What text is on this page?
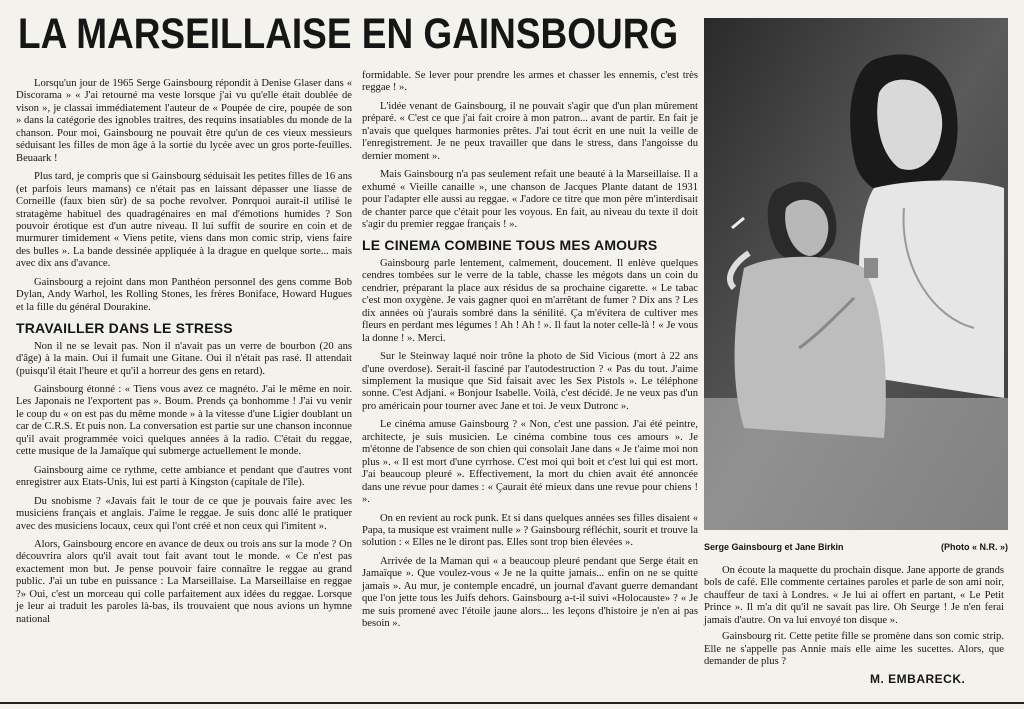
LA MARSEILLAISE EN GAINSBOURG

Lorsqu'un jour de 1965 Serge Gainsbourg répondit à Denise Glaser dans « Discorama » « J'ai retourné ma veste lorsque j'ai vu qu'elle était doublée de vison », je classai immédiatement l'auteur de « Poupée de cire, poupée de son » dans la catégorie des ignobles traitres, des requins insatiables du monde de la chanson. Pour moi, Gainsbourg ne pouvait être qu'un de ces vieux messieurs séduisant les filles de mon âge à la sortie du lycée avec un gros porte-feuilles. Beuaark !

Plus tard, je compris que si Gainsbourg séduisait les petites filles de 16 ans (et parfois leurs mamans) ce n'était pas en laissant dépasser une liasse de Corneille (faux bien sûr) de sa poche revolver. Ponrquoi aurait-il utilisé le stratagème habituel des quadragénaires en mal d'émotions humides ? Son pouvoir érotique est d'un autre niveau. Il lui suffit de sourire en coin et de murmurer timidement « Viens petite, viens dans mon comic strip, viens faire des bulles ». La bande dessinée appliquée à la drague en quelque sorte... mais avec dix ans d'avance.

Gainsbourg a rejoint dans mon Panthéon personnel des gens comme Bob Dylan, Andy Warhol, les Rolling Stones, les frères Boniface, Howard Hugues et la fille du général Dourakine.

TRAVAILLER DANS LE STRESS

Non il ne se levait pas. Non il n'avait pas un verre de bourbon (20 ans d'âge) à la main. Oui il fumait une Gitane. Oui il n'était pas rasé. Il attendait (puisqu'il était l'heure et qu'il a horreur des gens en retard).

Gainsbourg étonné : « Tiens vous avez ce magnéto. J'ai le même en noir. Les Japonais ne l'exportent pas ». Boum. Prends ça bonhomme ! J'ai vu venir le coup du « on est pas du même monde » à la vitesse d'une Ligier doublant un car de C.R.S. Et puis non. La conversation est partie sur une chanson inconnue qu'il avait programmée voici quelques années à la radio. C'était du reggae, cette musique de la Jamaïque qui submerge actuellement le monde.

Gainsbourg aime ce rythme, cette ambiance et pendant que d'autres vont enregistrer aux Etats-Unis, lui est parti à Kingston (capitale de l'île).

Du snobisme ? «Javais fait le tour de ce que je pouvais faire avec les musiciens français et anglais. J'aime le reggae. Je suis donc allé le pratiquer avec des musiciens locaux, ceux qui l'ont créé et non ceux qui l'imitent ».

Alors, Gainsbourg encore en avance de deux ou trois ans sur la mode ? On découvrira alors qu'il avait tout fait avant tout le monde. « Ce n'est pas exactement mon but. Je pense pouvoir faire connaître le reggae au grand public. J'ai un tube en puissance : La Marseillaise. La Marseillaise en reggae ?» Oui, c'est un morceau qui colle parfaitement aux idées du reggae. Lorsque je leur ai traduit les paroles là-bas, ils trouvaient que nous avions un hymne national

formidable. Se lever pour prendre les armes et chasser les ennemis, c'est très reggae ! ».

L'idée venant de Gainsbourg, il ne pouvait s'agir que d'un plan mûrement préparé. « C'est ce que j'ai fait croire à mon patron... avant de partir. En fait je n'avais que quelques harmonies prêtes. J'ai tout écrit en une nuit la veille de l'enregistrement. Je ne peux travailler que dans le stress, dans l'angoisse du dernier moment ».

Mais Gainsbourg n'a pas seulement refait une beauté à la Marseillaise. Il a exhumé « Vieille canaille », une chanson de Jacques Plante datant de 1931 pour l'adapter elle aussi au reggae. « J'adore ce titre que mon père m'interdisait de chanter parce que c'était pour les voyous. En fait, au niveau du texte il doit s'agir du premier reggae français ! ».

LE CINEMA COMBINE TOUS MES AMOURS

Gainsbourg parle lentement, calmement, doucement. Il enlève quelques cendres tombées sur le verre de la table, chasse les mégots dans un coin du cendrier, préparant la place aux résidus de sa prochaine cigarette. « Le tabac c'est mon oxygène. Je vais gagner quoi en m'arrêtant de fumer ? Dix ans ? Les dix années où j'aurais sombré dans la sénilité. Ça m'évitera de cultiver mes fleurs en perdant mes légumes ! Ah ! Ah ! ». Il faut la noter celle-là ! « Je vous la donne ! ». Merci.

Sur le Steinway laqué noir trône la photo de Sid Vicious (mort à 22 ans d'une overdose). Serait-il fasciné par l'autodestruction ? « Pas du tout. J'aime simplement la musique que Sid faisait avec les Sex Pistols ». Le téléphone sonne. C'est Adjani. « Bonjour Isabelle. Voilà, c'est décidé. Je ne veux pas d'un pro américain pour tourner avec Jane et toi. Je veux Dutronc ».

Le cinéma amuse Gainsbourg ? « Non, c'est une passion. J'ai été peintre, architecte, je suis musicien. Le cinéma combine tous ces amours ». Je m'étonne de l'absence de son chien qui consolait Jane dans « Je t'aime moi non plus ». « Il est mort d'une cyrrhose. C'est moi qui boit et c'est lui qui est mort. J'ai beaucoup pleuré ». Effectivement, la mort du chien avait été annoncée dans une revue pour dames : « Çaurait été mieux dans une revue pour chiens ! ».

On en revient au rock punk. Et si dans quelques années ses filles disaient « Papa, ta musique est vraiment nulle » ? Gainsbourg réfléchit, sourit et trouve la solution : « Elles ne le diront pas. Elles sont trop bien élevées ».

Arrivée de la Maman qui « a beaucoup pleuré pendant que Serge était en Jamaïque ». Que voulez-vous « Je ne la quitte jamais... enfin on ne se quitte jamais ». Au mur, je contemple encadré, un journal d'avant guerre demandant que l'on jette tous les Juifs dehors. Gainsbourg a-t-il suivi «Holocauste» ? « Je me suis promené avec l'étoile jaune alors... les leçons d'histoire je n'en ai pas besoin ».

Serge Gainsbourg et Jane Birkin	(Photo « N.R. »)

On écoute la maquette du prochain disque. Jane apporte de grands bols de café. Elle commente certaines paroles et parle de son ami noir, chauffeur de taxi à Londres. « Je lui ai offert en partant, « Le Petit Prince ». Il m'a dit qu'il ne savait pas lire. Oh Seurge ! Je n'en ferai jamais d'autre. On va lui envoyé ton disque ».

Gainsbourg rit. Cette petite fille se promène dans son comic strip. Elle ne s'appelle pas Annie mais elle aime les sucettes. Alors, que demander de plus ?

M. EMBARECK.
